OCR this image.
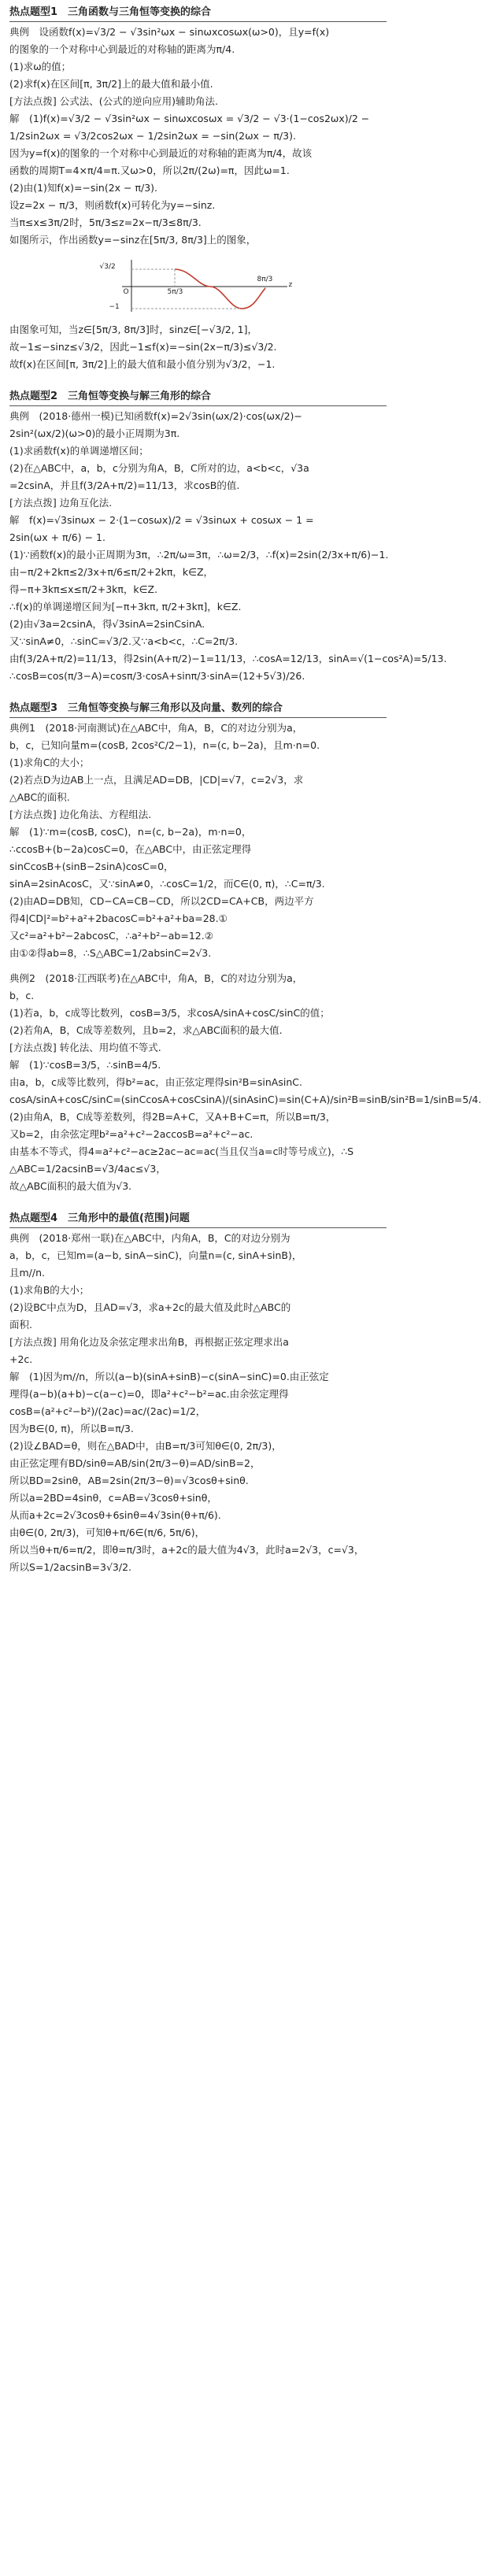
热点题型1　三角函数与三角恒等变换的综合
典例　设函数f(x)=√3/2 − √3sin²ωx − sinωxcosωx(ω>0)，且y=f(x)
的图象的一个对称中心到最近的对称轴的距离为π/4.
(1)求ω的值；
(2)求f(x)在区间[π, 3π/2]上的最大值和最小值.
[方法点拨] 公式法、(公式的逆向应用)辅助角法.
解　(1)f(x)=√3/2 − √3sin²ωx − sinωxcosωx = √3/2 − √3·(1−cos2ωx)/2 −
1/2sin2ωx = √3/2cos2ωx − 1/2sin2ωx = −sin(2ωx − π/3).
因为y=f(x)的图象的一个对称中心到最近的对称轴的距离为π/4，故该
函数的周期T=4×π/4=π.又ω>0，所以2π/(2ω)=π，因此ω=1.
(2)由(1)知f(x)=−sin(2x − π/3).
设z=2x − π/3，则函数f(x)可转化为y=−sinz.
当π≤x≤3π/2时，5π/3≤z=2x−π/3≤8π/3.
如图所示，作出函数y=−sinz在[5π/3, 8π/3]上的图象，
√3/2
−1
5π/3
8π/3
O
z
由图象可知，当z∈[5π/3, 8π/3]时，sinz∈[−√3/2, 1]，
故−1≤−sinz≤√3/2，因此−1≤f(x)=−sin(2x−π/3)≤√3/2.
故f(x)在区间[π, 3π/2]上的最大值和最小值分别为√3/2，−1.
热点题型2　三角恒等变换与解三角形的综合
典例　(2018·德州一模)已知函数f(x)=2√3sin(ωx/2)·cos(ωx/2)−
2sin²(ωx/2)(ω>0)的最小正周期为3π.
(1)求函数f(x)的单调递增区间；
(2)在△ABC中，a，b，c分别为角A，B，C所对的边，a<b<c，√3a
=2csinA，并且f(3/2A+π/2)=11/13，求cosB的值.
[方法点拨] 边角互化法.
解　f(x)=√3sinωx − 2·(1−cosωx)/2 = √3sinωx + cosωx − 1 =
2sin(ωx + π/6) − 1.
(1)∵函数f(x)的最小正周期为3π，∴2π/ω=3π，∴ω=2/3，∴f(x)=2sin(2/3x+π/6)−1.
由−π/2+2kπ≤2/3x+π/6≤π/2+2kπ，k∈Z，
得−π+3kπ≤x≤π/2+3kπ，k∈Z.
∴f(x)的单调递增区间为[−π+3kπ, π/2+3kπ]，k∈Z.
(2)由√3a=2csinA，得√3sinA=2sinCsinA.
又∵sinA≠0，∴sinC=√3/2.又∵a<b<c，∴C=2π/3.
由f(3/2A+π/2)=11/13，得2sin(A+π/2)−1=11/13，∴cosA=12/13，sinA=√(1−cos²A)=5/13.
∴cosB=cos(π/3−A)=cosπ/3·cosA+sinπ/3·sinA=(12+5√3)/26.
热点题型3　三角恒等变换与解三角形以及向量、数列的综合
典例1　(2018·河南测试)在△ABC中，角A，B，C的对边分别为a，
b，c，已知向量m=(cosB, 2cos²C/2−1)，n=(c, b−2a)，且m·n=0.
(1)求角C的大小；
(2)若点D为边AB上一点，且满足AD=DB，|CD|=√7，c=2√3，求
△ABC的面积.
[方法点拨] 边化角法、方程组法.
解　(1)∵m=(cosB, cosC)，n=(c, b−2a)，m·n=0，
∴ccosB+(b−2a)cosC=0，在△ABC中，由正弦定理得
sinCcosB+(sinB−2sinA)cosC=0，
sinA=2sinAcosC，又∵sinA≠0，∴cosC=1/2，而C∈(0, π)，∴C=π/3.
(2)由AD=DB知，CD−CA=CB−CD，所以2CD=CA+CB，两边平方
得4|CD|²=b²+a²+2bacosC=b²+a²+ba=28.①
又c²=a²+b²−2abcosC，∴a²+b²−ab=12.②
由①②得ab=8，∴S△ABC=1/2absinC=2√3.
典例2　(2018·江西联考)在△ABC中，角A，B，C的对边分别为a，
b，c.
(1)若a，b，c成等比数列，cosB=3/5，求cosA/sinA+cosC/sinC的值；
(2)若角A，B，C成等差数列，且b=2，求△ABC面积的最大值.
[方法点拨] 转化法、用均值不等式.
解　(1)∵cosB=3/5，∴sinB=4/5.
由a，b，c成等比数列，得b²=ac，由正弦定理得sin²B=sinAsinC.
cosA/sinA+cosC/sinC=(sinCcosA+cosCsinA)/(sinAsinC)=sin(C+A)/sin²B=sinB/sin²B=1/sinB=5/4.
(2)由角A，B，C成等差数列，得2B=A+C，又A+B+C=π，所以B=π/3，
又b=2，由余弦定理b²=a²+c²−2accosB=a²+c²−ac.
由基本不等式，得4=a²+c²−ac≥2ac−ac=ac(当且仅当a=c时等号成立)，∴S
△ABC=1/2acsinB=√3/4ac≤√3，
故△ABC面积的最大值为√3.
热点题型4　三角形中的最值(范围)问题
典例　(2018·郑州一联)在△ABC中，内角A，B，C的对边分别为
a，b，c，已知m=(a−b, sinA−sinC)，向量n=(c, sinA+sinB)，
且m//n.
(1)求角B的大小；
(2)设BC中点为D，且AD=√3，求a+2c的最大值及此时△ABC的
面积.
[方法点拨] 用角化边及余弦定理求出角B，再根据正弦定理求出a
+2c.
解　(1)因为m//n，所以(a−b)(sinA+sinB)−c(sinA−sinC)=0.由正弦定
理得(a−b)(a+b)−c(a−c)=0，即a²+c²−b²=ac.由余弦定理得
cosB=(a²+c²−b²)/(2ac)=ac/(2ac)=1/2，
因为B∈(0, π)，所以B=π/3.
(2)设∠BAD=θ，则在△BAD中，由B=π/3可知θ∈(0, 2π/3)，
由正弦定理有BD/sinθ=AB/sin(2π/3−θ)=AD/sinB=2，
所以BD=2sinθ，AB=2sin(2π/3−θ)=√3cosθ+sinθ.
所以a=2BD=4sinθ，c=AB=√3cosθ+sinθ，
从而a+2c=2√3cosθ+6sinθ=4√3sin(θ+π/6).
由θ∈(0, 2π/3)，可知θ+π/6∈(π/6, 5π/6)，
所以当θ+π/6=π/2，即θ=π/3时，a+2c的最大值为4√3，此时a=2√3，c=√3，
所以S=1/2acsinB=3√3/2.
